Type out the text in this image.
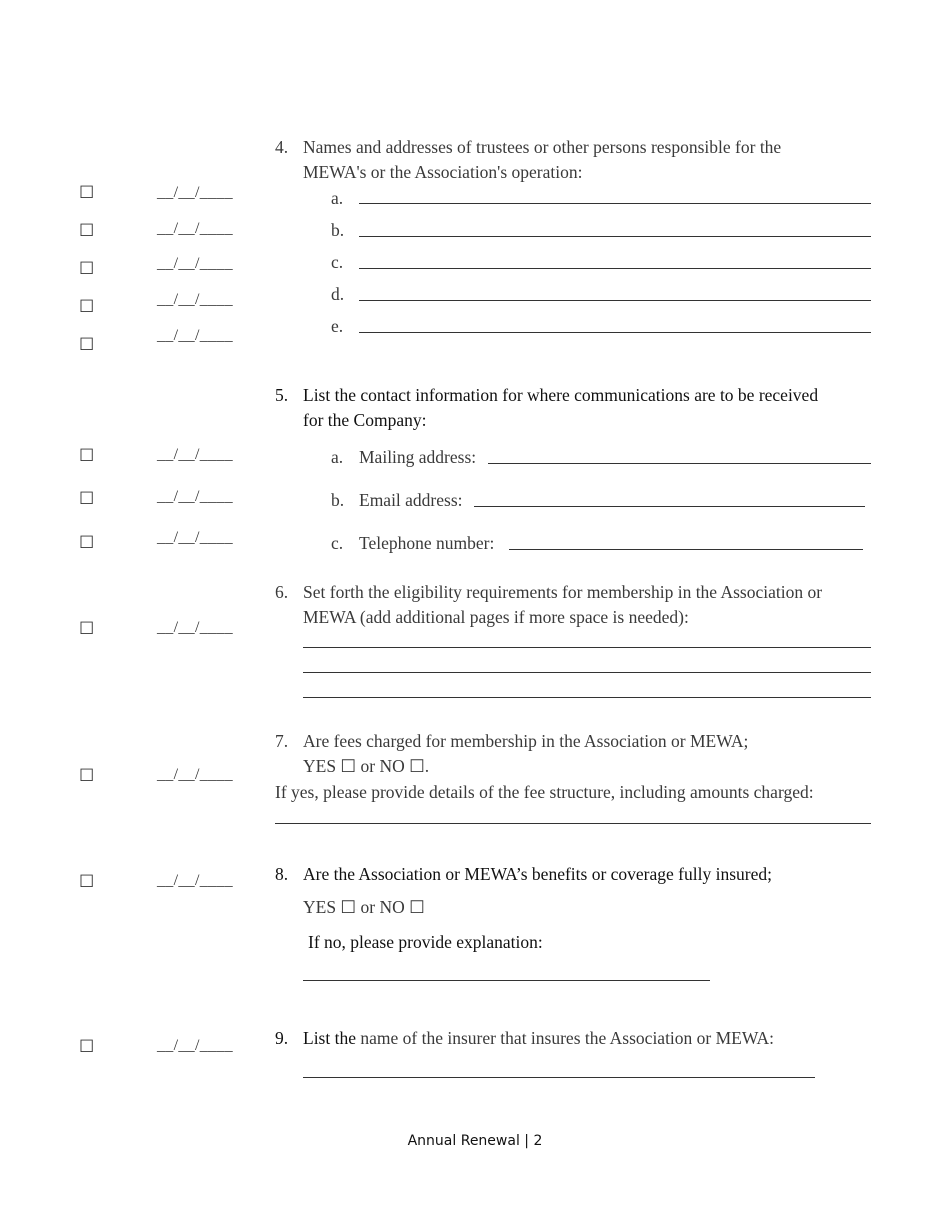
☐	__/__/____
☐	__/__/____
☐	__/__/____
☐	__/__/____
☐	__/__/____
☐	__/__/____
☐	__/__/____
☐	__/__/____
☐	__/__/____
☐	__/__/____
☐	__/__/____
☐	__/__/____
4. Names and addresses of trustees or other persons responsible for the
MEWA's or the Association's operation:
a.
b.
c.
d.
e.
5. List the contact information for where communications are to be received
for the Company:
a. Mailing address:
b. Email address:
c. Telephone number:
6. Set forth the eligibility requirements for membership in the Association or
MEWA (add additional pages if more space is needed):
7. Are fees charged for membership in the Association or MEWA;
YES ☐ or NO ☐.
If yes, please provide details of the fee structure, including amounts charged:
8. Are the Association or MEWA’s benefits or coverage fully insured;
YES ☐ or NO ☐
If no, please provide explanation:
9. List the name of the insurer that insures the Association or MEWA:
Annual Renewal | 2
